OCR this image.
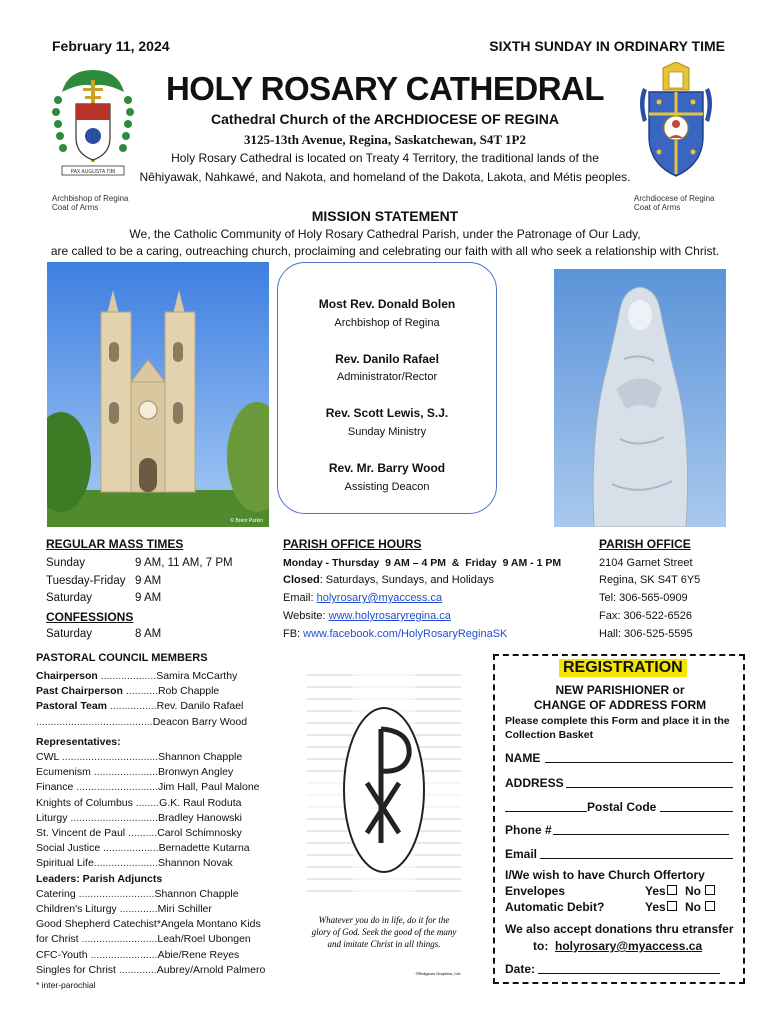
February 11, 2024	SIXTH SUNDAY IN ORDINARY TIME
PAX AUGUSTA TIBI
Archbishop of Regina
Coat of Arms
Archdiocese of Regina
Coat of Arms
HOLY ROSARY CATHEDRAL
Cathedral Church of the ARCHDIOCESE OF REGINA
3125-13th Avenue, Regina, Saskatchewan, S4T 1P2
Holy Rosary Cathedral is located on Treaty 4 Territory, the traditional lands of the
Nêhiyawak, Nahkawé, and Nakota, and homeland of the Dakota, Lakota, and Métis peoples.
MISSION STATEMENT
We, the Catholic Community of Holy Rosary Cathedral Parish, under the Patronage of Our Lady,
are called to be a caring, outreaching church, proclaiming and celebrating our faith with all who seek a relationship with Christ.
© Brent Parkin
Most Rev. Donald Bolen
Archbishop of Regina
Rev. Danilo Rafael
Administrator/Rector
Rev. Scott Lewis, S.J.
Sunday Ministry
Rev. Mr. Barry Wood
Assisting Deacon
REGULAR MASS TIMES
Sunday	9 AM, 11 AM, 7 PM
Tuesday-Friday 9 AM
Saturday	9 AM
CONFESSIONS
Saturday	8 AM
PARISH OFFICE HOURS
Monday - Thursday  9 AM – 4 PM  &  Friday  9 AM - 1 PM
Closed: Saturdays, Sundays, and Holidays
Email: holyrosary@myaccess.ca
Website: www.holyrosaryregina.ca
FB: www.facebook.com/HolyRosaryReginaSK
PARISH OFFICE
2104 Garnet Street
Regina, SK S4T 6Y5
Tel: 306-565-0909
Fax: 306-522-6526
Hall: 306-525-5595
PASTORAL COUNCIL MEMBERS
Chairperson ...................Samira McCarthy
Past Chairperson ...........Rob Chapple
Pastoral Team ................Rev. Danilo Rafael
........................................Deacon Barry Wood
Representatives:
CWL .................................Shannon Chapple
Ecumenism ......................Bronwyn Angley
Finance ............................Jim Hall, Paul Malone
Knights of Columbus ........G.K. Raul Roduta
Liturgy ..............................Bradley Hanowski
St. Vincent de Paul ..........Carol Schimnosky
Social Justice ...................Bernadette Kutarna
Spiritual Life......................Shannon Novak
Leaders: Parish Adjuncts
Catering ..........................Shannon Chapple
Children's Liturgy .............Miri Schiller
Good Shepherd Catechist*Angela Montano Kids
for Christ ..........................Leah/Roel Ubongen
CFC-Youth .......................Abie/Rene Reyes
Singles for Christ .............Aubrey/Arnold Palmero
* inter-parochial
Whatever you do in life, do it for the
glory of God. Seek the good of the many
and imitate Christ in all things.
©Religious Graphics, Ltd.
REGISTRATION
NEW PARISHIONER or
CHANGE OF ADDRESS FORM
Please complete this Form and place it in the
Collection Basket
NAME
ADDRESS
Postal Code
Phone #
Email
I/We wish to have Church Offertory
Envelopes	Yes No
Automatic Debit?	Yes No
We also accept donations thru etransfer
to:  holyrosary@myaccess.ca
Date:
